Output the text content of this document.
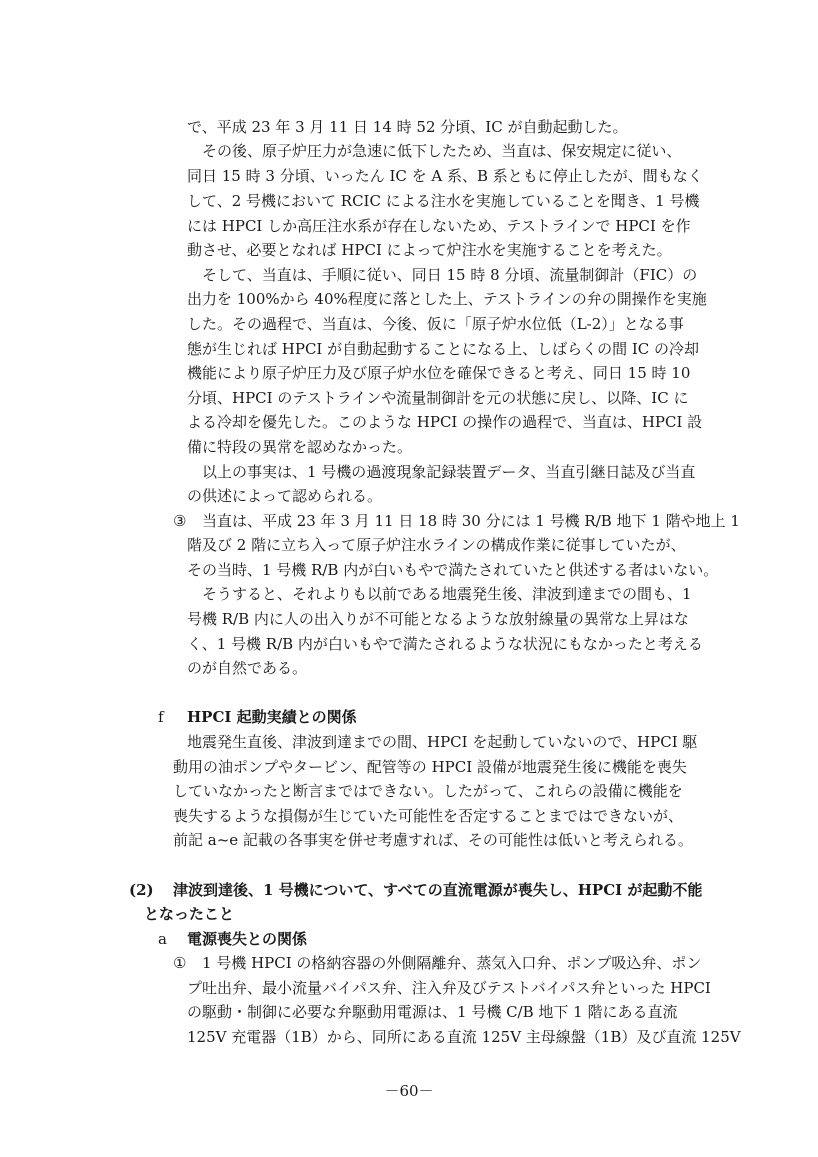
で、平成 23 年 3 月 11 日 14 時 52 分頃、IC が自動起動した。
その後、原子炉圧力が急速に低下したため、当直は、保安規定に従い、
同日 15 時 3 分頃、いったん IC を A 系、B 系ともに停止したが、間もなく
して、2 号機において RCIC による注水を実施していることを聞き、1 号機
には HPCI しか高圧注水系が存在しないため、テストラインで HPCI を作
動させ、必要となれば HPCI によって炉注水を実施することを考えた。
そして、当直は、手順に従い、同日 15 時 8 分頃、流量制御計（FIC）の
出力を 100%から 40%程度に落とした上、テストラインの弁の開操作を実施
した。その過程で、当直は、今後、仮に「原子炉水位低（L-2）」となる事
態が生じれば HPCI が自動起動することになる上、しばらくの間 IC の冷却
機能により原子炉圧力及び原子炉水位を確保できると考え、同日 15 時 10
分頃、HPCI のテストラインや流量制御計を元の状態に戻し、以降、IC に
よる冷却を優先した。このような HPCI の操作の過程で、当直は、HPCI 設
備に特段の異常を認めなかった。
以上の事実は、1 号機の過渡現象記録装置データ、当直引継日誌及び当直
の供述によって認められる。
③ 当直は、平成 23 年 3 月 11 日 18 時 30 分には 1 号機 R/B 地下 1 階や地上 1
階及び 2 階に立ち入って原子炉注水ラインの構成作業に従事していたが、
その当時、1 号機 R/B 内が白いもやで満たされていたと供述する者はいない。
そうすると、それよりも以前である地震発生後、津波到達までの間も、1
号機 R/B 内に人の出入りが不可能となるような放射線量の異常な上昇はな
く、1 号機 R/B 内が白いもやで満たされるような状況にもなかったと考える
のが自然である。
f HPCI 起動実績との関係
地震発生直後、津波到達までの間、HPCI を起動していないので、HPCI 駆
動用の油ポンプやタービン、配管等の HPCI 設備が地震発生後に機能を喪失
していなかったと断言まではできない。したがって、これらの設備に機能を
喪失するような損傷が生じていた可能性を否定することまではできないが、
前記 a~e 記載の各事実を併せ考慮すれば、その可能性は低いと考えられる。
(2) 津波到達後、1 号機について、すべての直流電源が喪失し、HPCI が起動不能
となったこと
a 電源喪失との関係
① 1 号機 HPCI の格納容器の外側隔離弁、蒸気入口弁、ポンプ吸込弁、ポン
プ吐出弁、最小流量バイパス弁、注入弁及びテストバイパス弁といった HPCI
の駆動・制御に必要な弁駆動用電源は、1 号機 C/B 地下 1 階にある直流
125V 充電器（1B）から、同所にある直流 125V 主母線盤（1B）及び直流 125V
－60－
